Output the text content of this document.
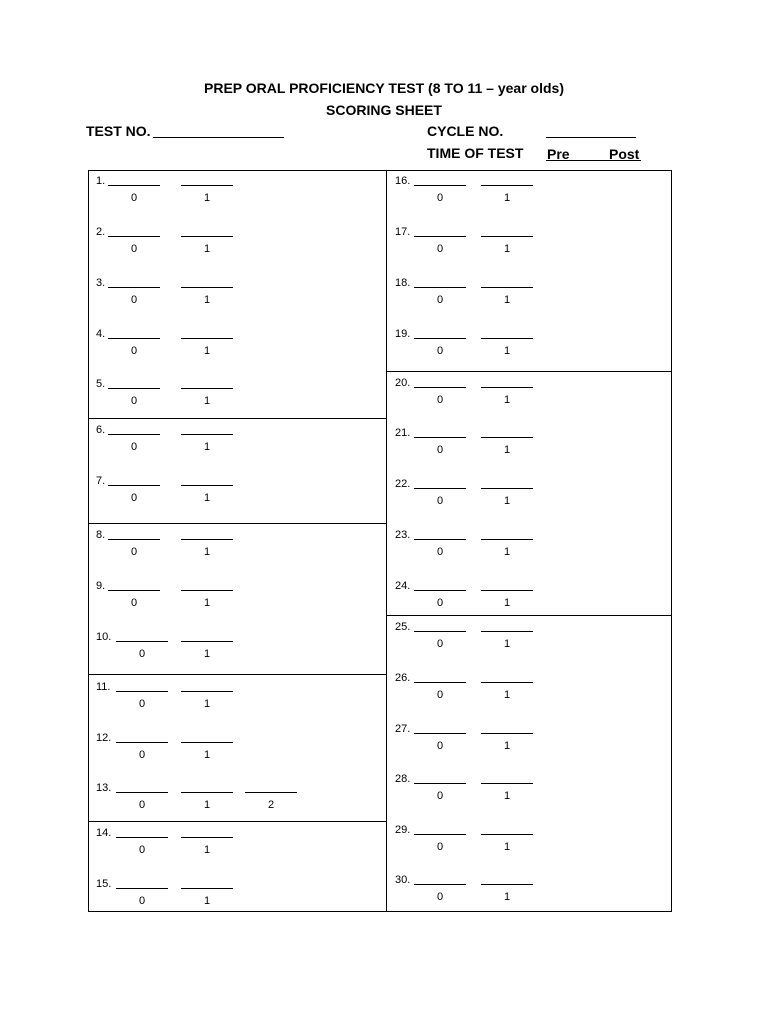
PREP ORAL PROFICIENCY TEST (8 TO 11 – year olds)
SCORING SHEET
TEST NO.	CYCLE NO.
TIME OF TEST Pre	Post
1.
0	1
2.
0	1
3.
0	1
4.
0	1
5.
0	1
6.
0	1
7.
0	1
8.
0	1
9.
0	1
10.
0	1
11.
0	1
12.
0	1
13.
0	1	2
14.
0	1
15.
0	1
16.
0	1
17.
0	1
18.
0	1
19.
0	1
20.
0	1
21.
0	1
22.
0	1
23.
0	1
24.
0	1
25.
0	1
26.
0	1
27.
0	1
28.
0	1
29.
0	1
30.
0	1
